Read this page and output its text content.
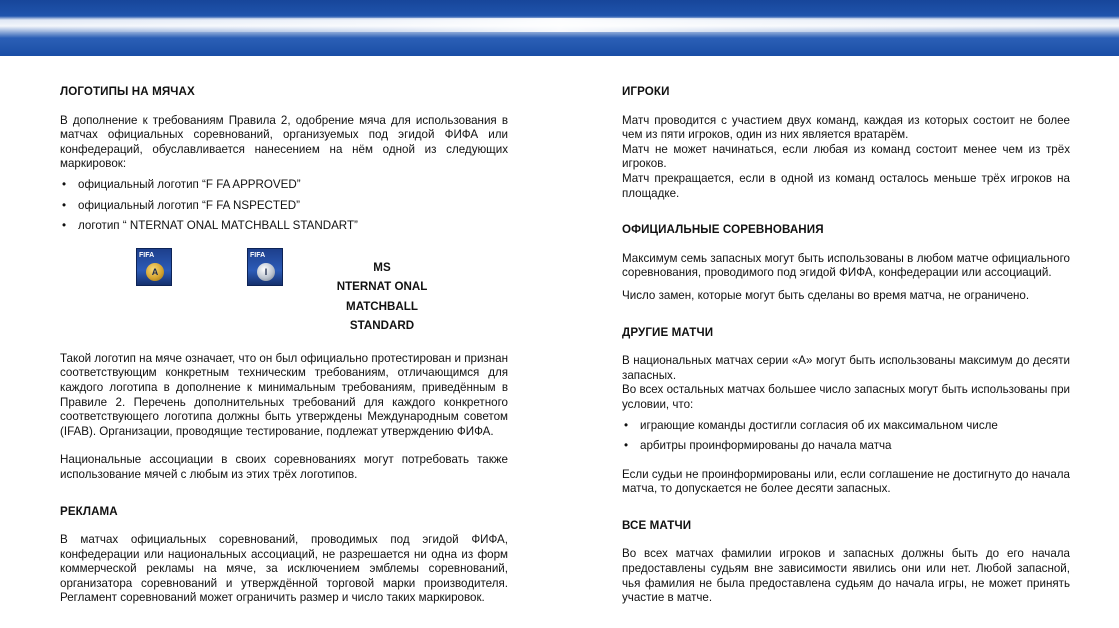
ЛОГОТИПЫ НА МЯЧАХ

В дополнение к требованиям Правила 2, одобрение мяча для использования в матчах официальных соревнований, организуемых под эгидой ФИФА или конфедераций, обуславливается нанесением на нём одной из следующих маркировок:

• официальный логотип “F FA APPROVED”
• официальный логотип “F FA NSPECTED”
• логотип “ NTERNAT ONAL MATCHBALL STANDART”
FIFA
A
FIFA
I	MS
NTERNAT ONAL
MATCHBALL
STANDARD

Такой логотип на мяче означает, что он был официально протестирован и признан соответствующим конкретным техническим требованиям, отличающимся для каждого логотипа в дополнение к минимальным требованиям, приведённым в Правиле 2. Перечень дополнительных требований для каждого конкретного соответствующего логотипа должны быть утверждены Международным советом (IFAB). Организации, проводящие тестирование, подлежат утверждению ФИФА.

Национальные ассоциации в своих соревнованиях могут потребовать также использование мячей с любым из этих трёх логотипов.

РЕКЛАМА

В матчах официальных соревнований, проводимых под эгидой ФИФА, конфедерации или национальных ассоциаций, не разрешается ни одна из форм коммерческой рекламы на мяче, за исключением эмблемы соревнований, организатора соревнований и утверждённой торговой марки производителя. Регламент соревнований может ограничить размер и число таких маркировок.

ИГРОКИ

Матч проводится с участием двух команд, каждая из которых состоит не более чем из пяти игроков, один из них является вратарём.

Матч не может начинаться, если любая из команд состоит менее чем из трёх игроков.

Матч прекращается, если в одной из команд осталось меньше трёх игроков на площадке.

ОФИЦИАЛЬНЫЕ СОРЕВНОВАНИЯ

Максимум семь запасных могут быть использованы в любом матче официального соревнования, проводимого под эгидой ФИФА, конфедерации или ассоциаций.

Число замен, которые могут быть сделаны во время матча, не ограничено.

ДРУГИЕ МАТЧИ

В национальных матчах серии «А» могут быть использованы максимум до десяти запасных.

Во всех остальных матчах большее число запасных могут быть использованы при условии, что:

• играющие команды достигли согласия об их максимальном числе
• арбитры проинформированы до начала матча

Если судьи не проинформированы или, если соглашение не достигнуто до начала матча, то допускается не более десяти запасных.

ВСЕ МАТЧИ

Во всех матчах фамилии игроков и запасных должны быть до его начала предоставлены судьям вне зависимости явились они или нет. Любой запасной, чья фамилия не была предоставлена судьям до начала игры, не может принять участие в матче.
